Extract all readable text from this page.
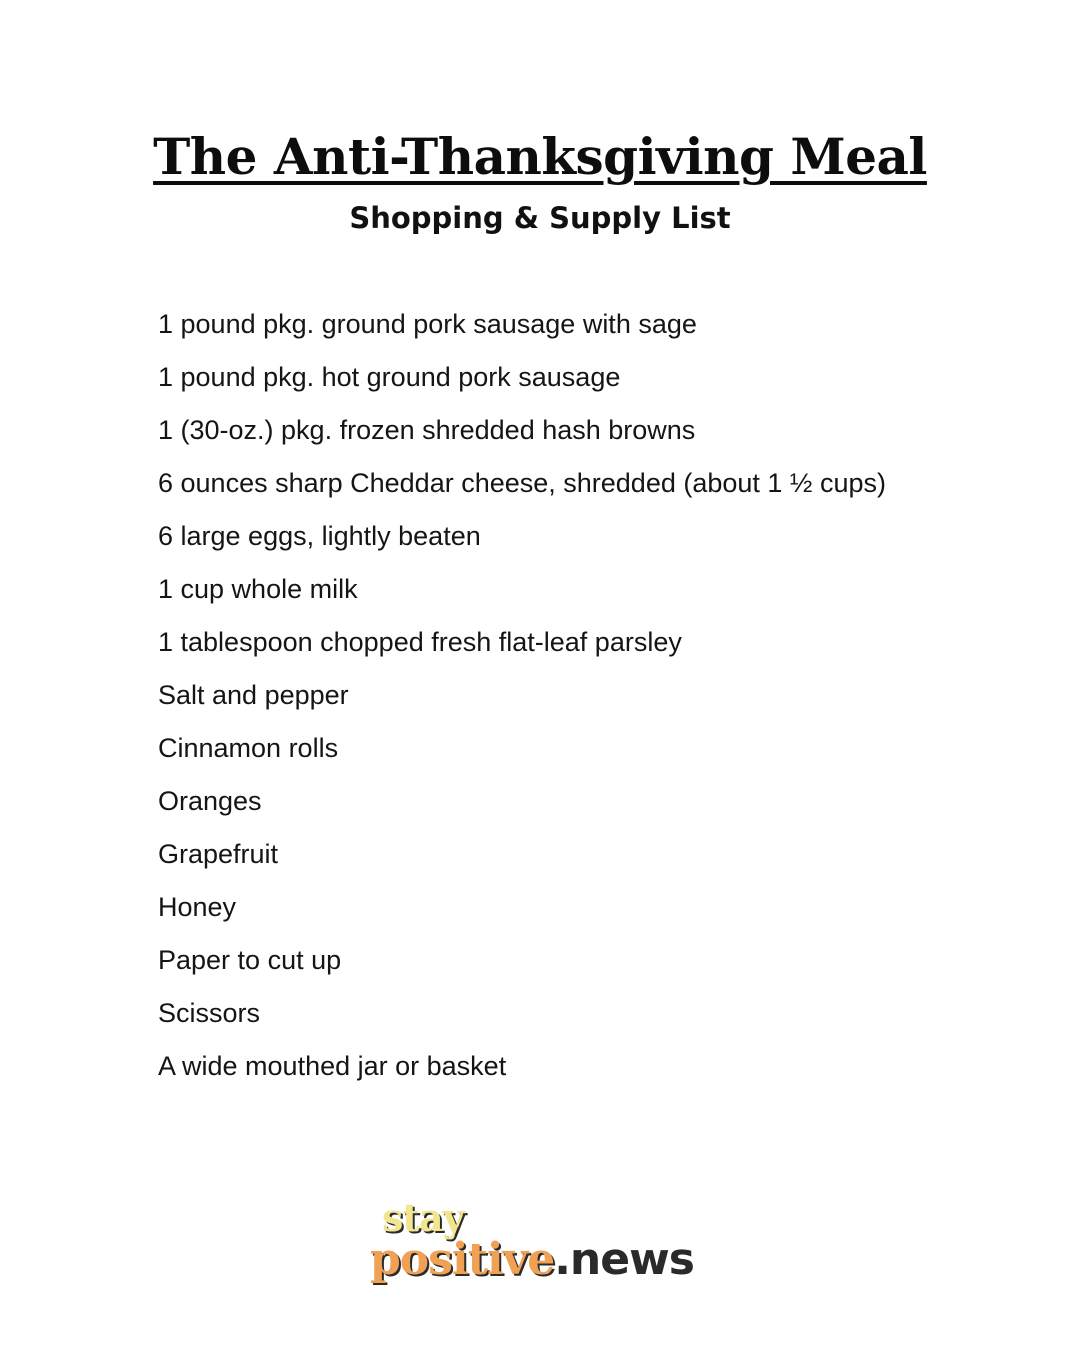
The Anti-Thanksgiving Meal
Shopping & Supply List
1 pound pkg. ground pork sausage with sage
1 pound pkg. hot ground pork sausage
1 (30-oz.) pkg. frozen shredded hash browns
6 ounces sharp Cheddar cheese, shredded (about 1 ½ cups)
6 large eggs, lightly beaten
1 cup whole milk
1 tablespoon chopped fresh flat-leaf parsley
Salt and pepper
Cinnamon rolls
Oranges
Grapefruit
Honey
Paper to cut up
Scissors
A wide mouthed jar or basket
stay
positive.news
